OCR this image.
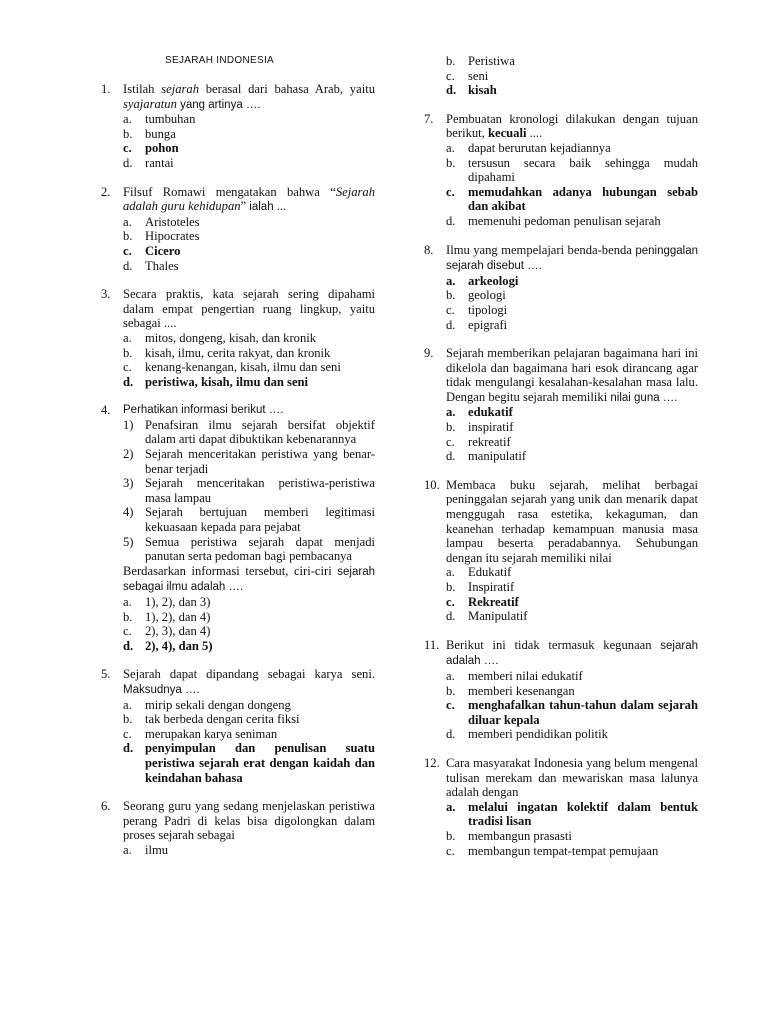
SEJARAH INDONESIA
1. Istilah sejarah berasal dari bahasa Arab, yaitu syajaratun yang artinya ….
a. tumbuhan
b. bunga
c. pohon
d. rantai
2. Filsuf Romawi mengatakan bahwa “Sejarah adalah guru kehidupan” ialah ...
a. Aristoteles
b. Hipocrates
c. Cicero
d. Thales
3. Secara praktis, kata sejarah sering dipahami dalam empat pengertian ruang lingkup, yaitu sebagai ....
a. mitos, dongeng, kisah, dan kronik
b. kisah, ilmu, cerita rakyat, dan kronik
c. kenang-kenangan, kisah, ilmu dan seni
d. peristiwa, kisah, ilmu dan seni
4. Perhatikan informasi berikut ….
1) Penafsiran ilmu sejarah bersifat objektif dalam arti dapat dibuktikan kebenarannya
2) Sejarah menceritakan peristiwa yang benar-benar terjadi
3) Sejarah menceritakan peristiwa-peristiwa masa lampau
4) Sejarah bertujuan memberi legitimasi kekuasaan kepada para pejabat
5) Semua peristiwa sejarah dapat menjadi panutan serta pedoman bagi pembacanya
Berdasarkan informasi tersebut, ciri-ciri sejarah sebagai ilmu adalah ….
a. 1), 2), dan 3)
b. 1), 2), dan 4)
c. 2), 3), dan 4)
d. 2), 4), dan 5)
5. Sejarah dapat dipandang sebagai karya seni. Maksudnya ….
a. mirip sekali dengan dongeng
b. tak berbeda dengan cerita fiksi
c. merupakan karya seniman
d. penyimpulan dan penulisan suatu peristiwa sejarah erat dengan kaidah dan keindahan bahasa
6. Seorang guru yang sedang menjelaskan peristiwa perang Padri di kelas bisa digolongkan dalam proses sejarah sebagai
a. ilmu
b. Peristiwa
c. seni
d. kisah
7. Pembuatan kronologi dilakukan dengan tujuan berikut, kecuali ....
a. dapat berurutan kejadiannya
b. tersusun secara baik sehingga mudah dipahami
c. memudahkan adanya hubungan sebab dan akibat
d. memenuhi pedoman penulisan sejarah
8. Ilmu yang mempelajari benda-benda peninggalan sejarah disebut ….
a. arkeologi
b. geologi
c. tipologi
d. epigrafi
9. Sejarah memberikan pelajaran bagaimana hari ini dikelola dan bagaimana hari esok dirancang agar tidak mengulangi kesalahan-kesalahan masa lalu. Dengan begitu sejarah memiliki nilai guna ….
a. edukatif
b. inspiratif
c. rekreatif
d. manipulatif
10. Membaca buku sejarah, melihat berbagai peninggalan sejarah yang unik dan menarik dapat menggugah rasa estetika, kekaguman, dan keanehan terhadap kemampuan manusia masa lampau beserta peradabannya. Sehubungan dengan itu sejarah memiliki nilai
a. Edukatif
b. Inspiratif
c. Rekreatif
d. Manipulatif
11. Berikut ini tidak termasuk kegunaan sejarah adalah ….
a. memberi nilai edukatif
b. memberi kesenangan
c. menghafalkan tahun-tahun dalam sejarah diluar kepala
d. memberi pendidikan politik
12. Cara masyarakat Indonesia yang belum mengenal tulisan merekam dan mewariskan masa lalunya adalah dengan
a. melalui ingatan kolektif dalam bentuk tradisi lisan
b. membangun prasasti
c. membangun tempat-tempat pemujaan
